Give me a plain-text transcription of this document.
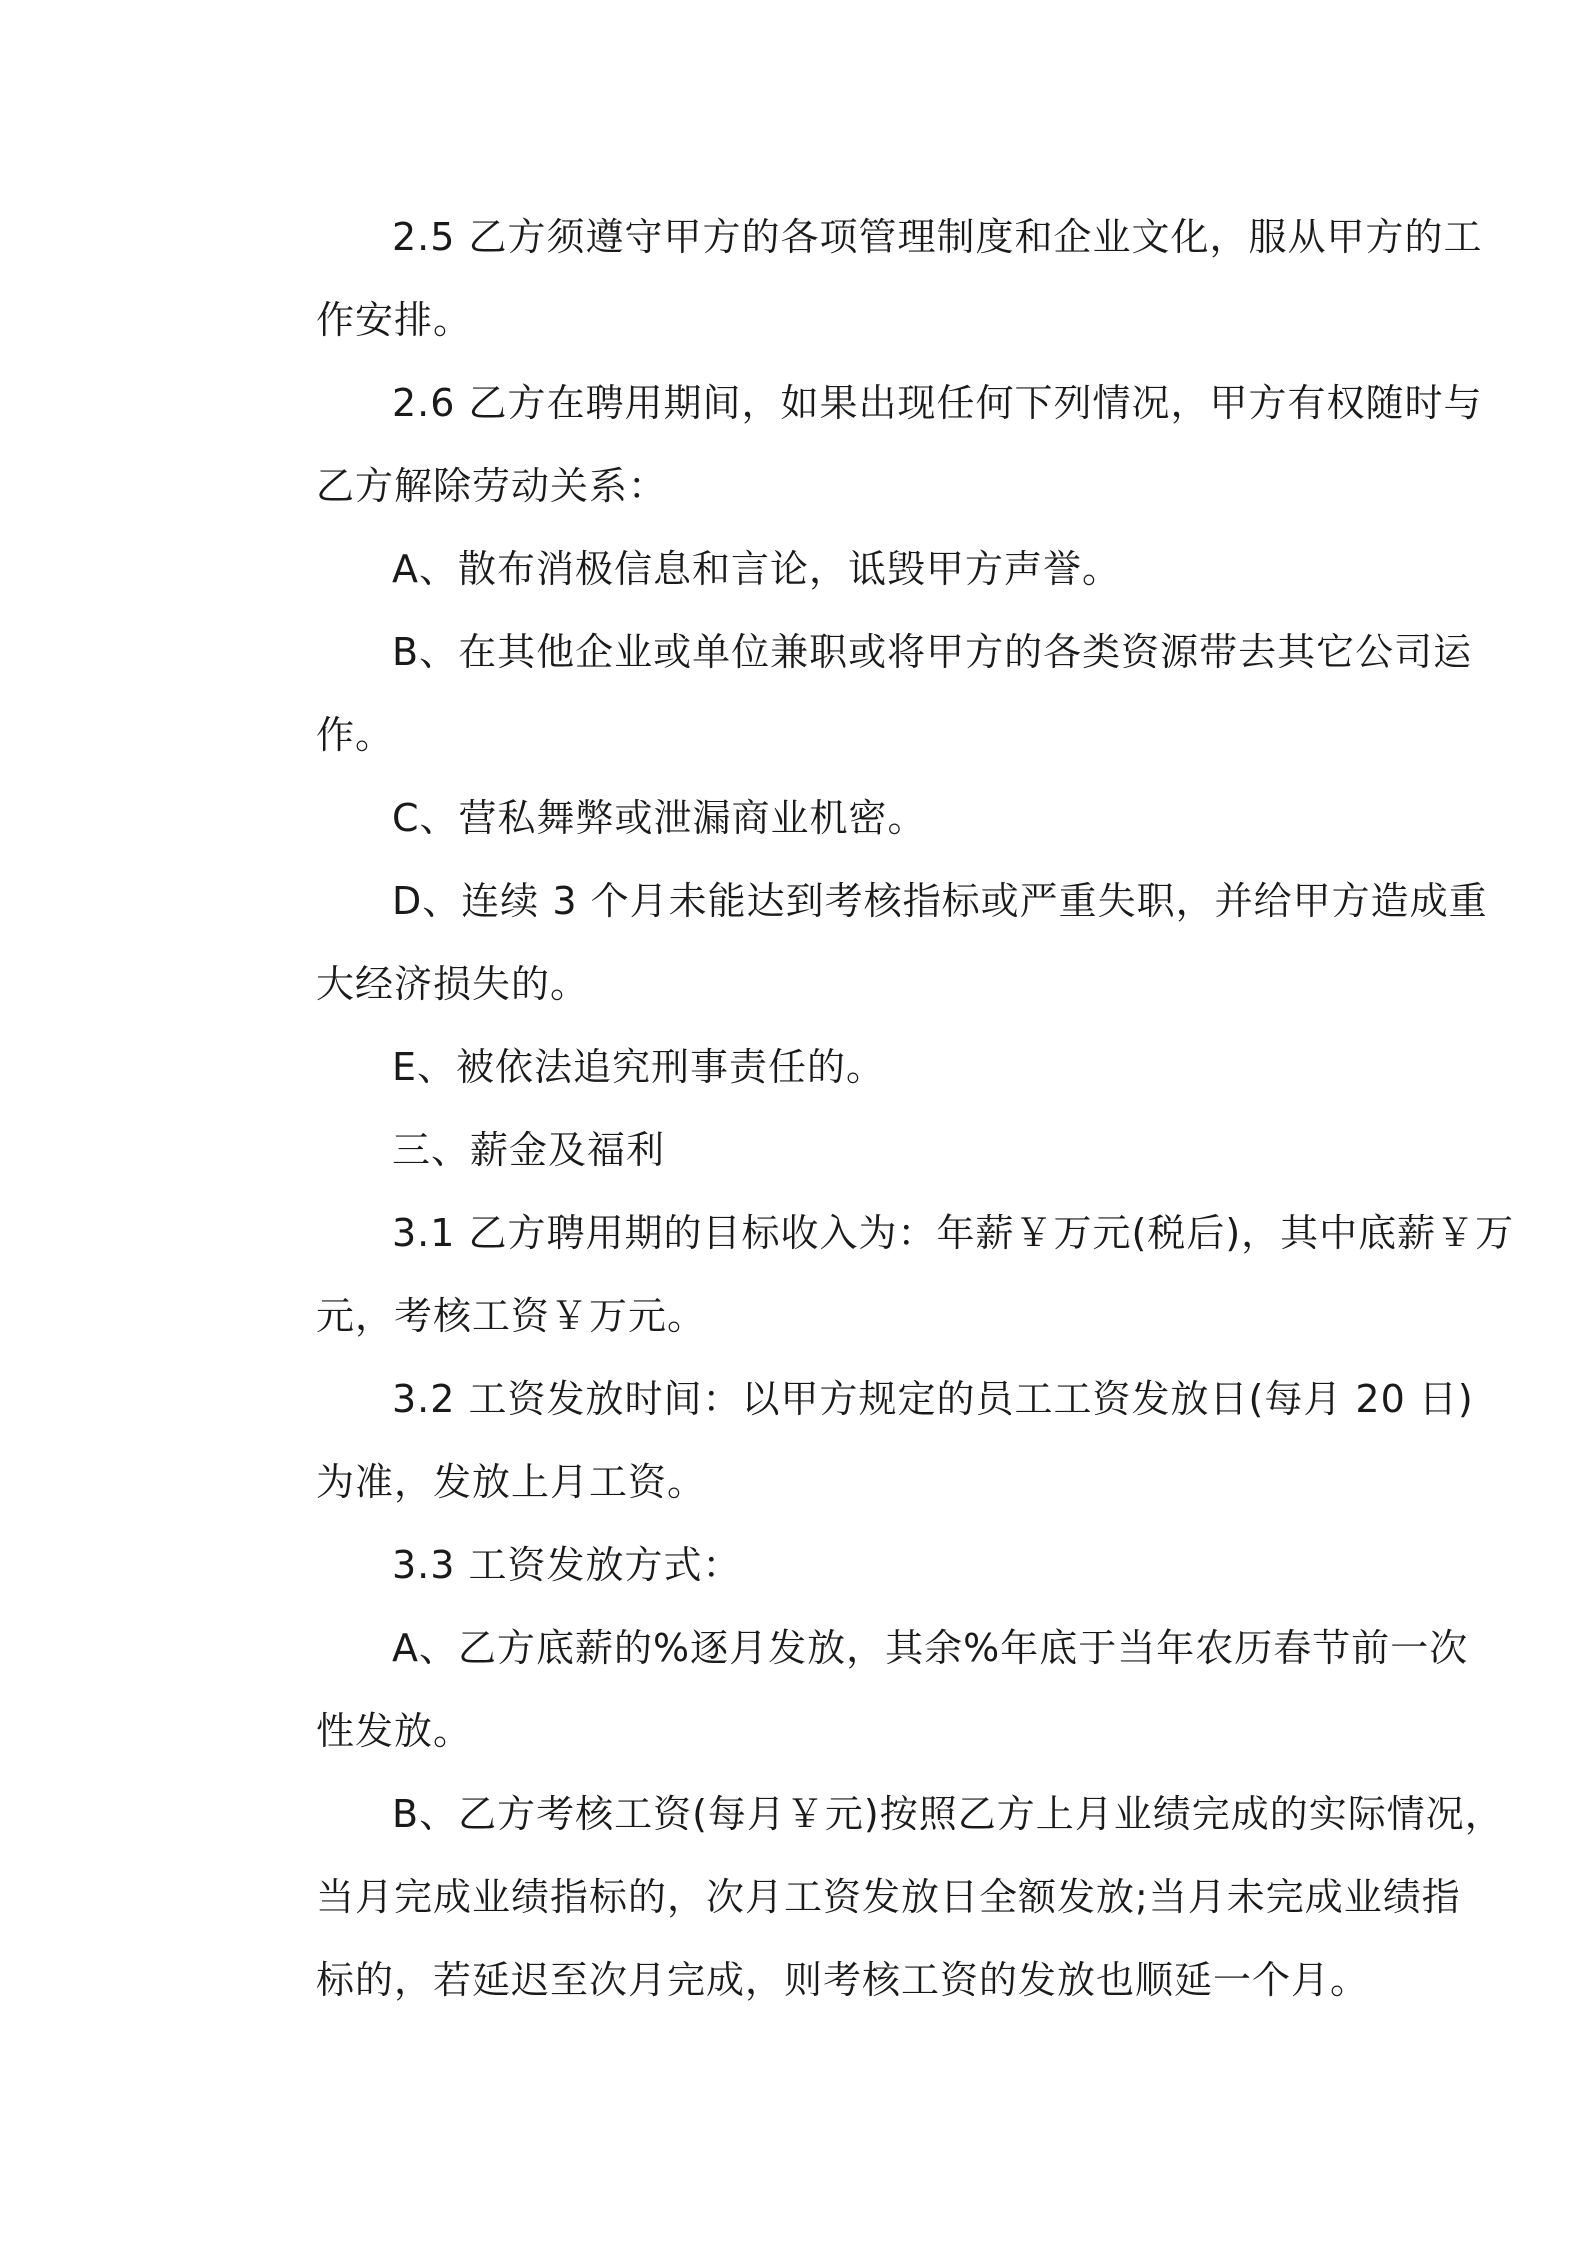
2.5 乙方须遵守甲方的各项管理制度和企业文化，服从甲方的工
作安排。
2.6 乙方在聘用期间，如果出现任何下列情况，甲方有权随时与
乙方解除劳动关系：
A、散布消极信息和言论，诋毁甲方声誉。
B、在其他企业或单位兼职或将甲方的各类资源带去其它公司运
作。
C、营私舞弊或泄漏商业机密。
D、连续 3 个月未能达到考核指标或严重失职，并给甲方造成重
大经济损失的。
E、被依法追究刑事责任的。
三、薪金及福利
3.1 乙方聘用期的目标收入为：年薪￥万元(税后)，其中底薪￥万
元，考核工资￥万元。
3.2 工资发放时间：以甲方规定的员工工资发放日(每月 20 日)
为准，发放上月工资。
3.3 工资发放方式：
A、乙方底薪的%逐月发放，其余%年底于当年农历春节前一次
性发放。
B、乙方考核工资(每月￥元)按照乙方上月业绩完成的实际情况，
当月完成业绩指标的，次月工资发放日全额发放;当月未完成业绩指
标的，若延迟至次月完成，则考核工资的发放也顺延一个月。
